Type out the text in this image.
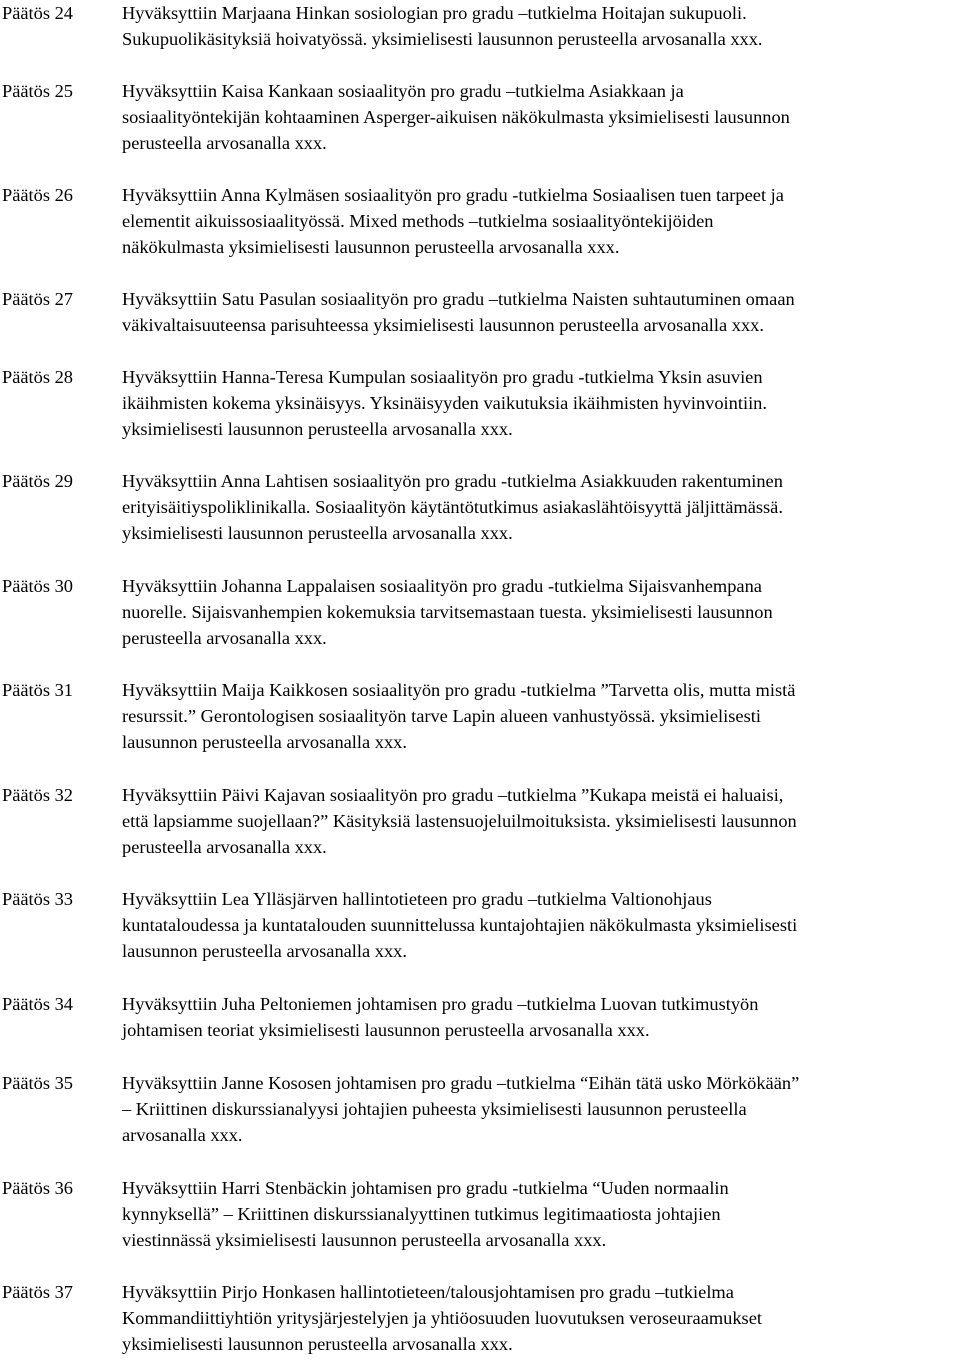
Päätös 24	Hyväksyttiin Marjaana Hinkan sosiologian pro gradu –tutkielma Hoitajan sukupuoli.
Sukupuolikäsityksiä hoivatyössä. yksimielisesti lausunnon perusteella arvosanalla xxx.
Päätös 25	Hyväksyttiin Kaisa Kankaan sosiaalityön pro gradu –tutkielma Asiakkaan ja
sosiaalityöntekijän kohtaaminen Asperger-aikuisen näkökulmasta yksimielisesti lausunnon
perusteella arvosanalla xxx.
Päätös 26	Hyväksyttiin Anna Kylmäsen sosiaalityön pro gradu -tutkielma Sosiaalisen tuen tarpeet ja
elementit aikuissosiaalityössä. Mixed methods –tutkielma sosiaalityöntekijöiden
näkökulmasta yksimielisesti lausunnon perusteella arvosanalla xxx.
Päätös 27	Hyväksyttiin Satu Pasulan sosiaalityön pro gradu –tutkielma Naisten suhtautuminen omaan
väkivaltaisuuteensa parisuhteessa yksimielisesti lausunnon perusteella arvosanalla xxx.
Päätös 28	Hyväksyttiin Hanna-Teresa Kumpulan sosiaalityön pro gradu -tutkielma Yksin asuvien
ikäihmisten kokema yksinäisyys. Yksinäisyyden vaikutuksia ikäihmisten hyvinvointiin.
yksimielisesti lausunnon perusteella arvosanalla xxx.
Päätös 29	Hyväksyttiin Anna Lahtisen sosiaalityön pro gradu -tutkielma Asiakkuuden rakentuminen
erityisäitiyspoliklinikalla. Sosiaalityön käytäntötutkimus asiakaslähtöisyyttä jäljittämässä.
yksimielisesti lausunnon perusteella arvosanalla xxx.
Päätös 30	Hyväksyttiin Johanna Lappalaisen sosiaalityön pro gradu -tutkielma Sijaisvanhempana
nuorelle. Sijaisvanhempien kokemuksia tarvitsemastaan tuesta. yksimielisesti lausunnon
perusteella arvosanalla xxx.
Päätös 31	Hyväksyttiin Maija Kaikkosen sosiaalityön pro gradu -tutkielma ”Tarvetta olis, mutta mistä
resurssit.” Gerontologisen sosiaalityön tarve Lapin alueen vanhustyössä. yksimielisesti
lausunnon perusteella arvosanalla xxx.
Päätös 32	Hyväksyttiin Päivi Kajavan sosiaalityön pro gradu –tutkielma ”Kukapa meistä ei haluaisi,
että lapsiamme suojellaan?” Käsityksiä lastensuojeluilmoituksista. yksimielisesti lausunnon
perusteella arvosanalla xxx.
Päätös 33	Hyväksyttiin Lea Ylläsjärven hallintotieteen pro gradu –tutkielma Valtionohjaus
kuntataloudessa ja kuntatalouden suunnittelussa kuntajohtajien näkökulmasta yksimielisesti
lausunnon perusteella arvosanalla xxx.
Päätös 34	Hyväksyttiin Juha Peltoniemen johtamisen pro gradu –tutkielma Luovan tutkimustyön
johtamisen teoriat yksimielisesti lausunnon perusteella arvosanalla xxx.
Päätös 35	Hyväksyttiin Janne Kososen johtamisen pro gradu –tutkielma “Eihän tätä usko Mörkökään”
– Kriittinen diskurssianalyysi johtajien puheesta yksimielisesti lausunnon perusteella
arvosanalla xxx.
Päätös 36	Hyväksyttiin Harri Stenbäckin johtamisen pro gradu -tutkielma “Uuden normaalin
kynnyksellä” – Kriittinen diskurssianalyyttinen tutkimus legitimaatiosta johtajien
viestinnässä yksimielisesti lausunnon perusteella arvosanalla xxx.
Päätös 37	Hyväksyttiin Pirjo Honkasen hallintotieteen/talousjohtamisen pro gradu –tutkielma
Kommandiittiyhtiön yritysjärjestelyjen ja yhtiöosuuden luovutuksen veroseuraamukset
yksimielisesti lausunnon perusteella arvosanalla xxx.
